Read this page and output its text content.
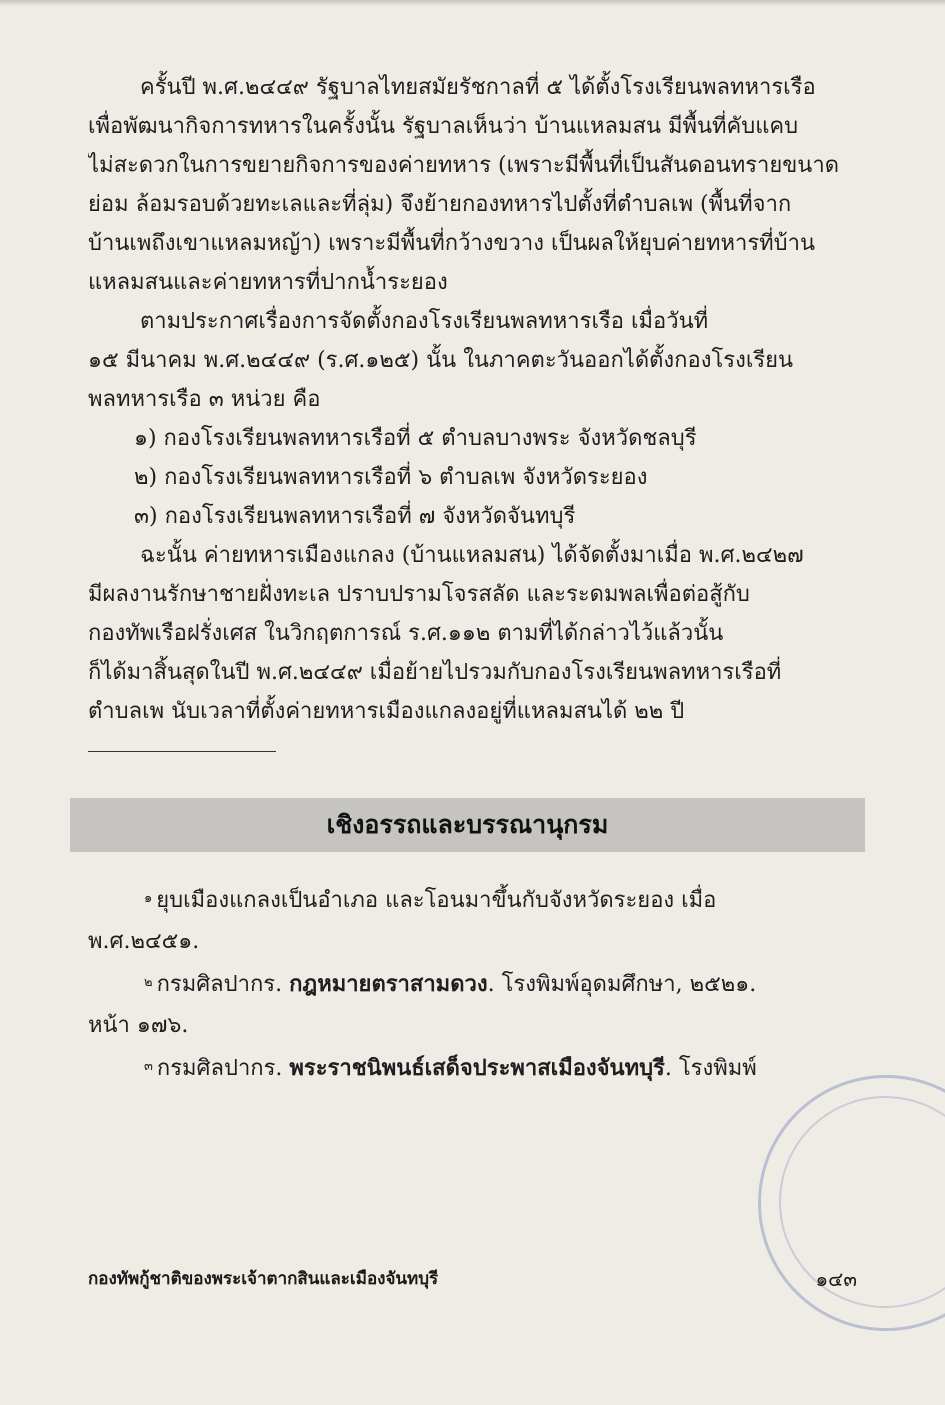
ครั้นปี พ.ศ.๒๔๔๙ รัฐบาลไทยสมัยรัชกาลที่ ๕ ได้ตั้งโรงเรียนพลทหารเรือ
เพื่อพัฒนากิจการทหารในครั้งนั้น รัฐบาลเห็นว่า บ้านแหลมสน มีพื้นที่คับแคบ
ไม่สะดวกในการขยายกิจการของค่ายทหาร (เพราะมีพื้นที่เป็นสันดอนทรายขนาด
ย่อม ล้อมรอบด้วยทะเลและที่ลุ่ม) จึงย้ายกองทหารไปตั้งที่ตำบลเพ (พื้นที่จาก
บ้านเพถึงเขาแหลมหญ้า) เพราะมีพื้นที่กว้างขวาง เป็นผลให้ยุบค่ายทหารที่บ้าน
แหลมสนและค่ายทหารที่ปากน้ำระยอง

ตามประกาศเรื่องการจัดตั้งกองโรงเรียนพลทหารเรือ เมื่อวันที่
๑๕ มีนาคม พ.ศ.๒๔๔๙ (ร.ศ.๑๒๕) นั้น ในภาคตะวันออกได้ตั้งกองโรงเรียน
พลทหารเรือ ๓ หน่วย คือ

๑) กองโรงเรียนพลทหารเรือที่ ๕ ตำบลบางพระ จังหวัดชลบุรี
๒) กองโรงเรียนพลทหารเรือที่ ๖ ตำบลเพ จังหวัดระยอง
๓) กองโรงเรียนพลทหารเรือที่ ๗ จังหวัดจันทบุรี

ฉะนั้น ค่ายทหารเมืองแกลง (บ้านแหลมสน) ได้จัดตั้งมาเมื่อ พ.ศ.๒๔๒๗
มีผลงานรักษาชายฝั่งทะเล ปราบปรามโจรสลัด และระดมพลเพื่อต่อสู้กับ
กองทัพเรือฝรั่งเศส ในวิกฤตการณ์ ร.ศ.๑๑๒ ตามที่ได้กล่าวไว้แล้วนั้น
ก็ได้มาสิ้นสุดในปี พ.ศ.๒๔๔๙ เมื่อย้ายไปรวมกับกองโรงเรียนพลทหารเรือที่
ตำบลเพ นับเวลาที่ตั้งค่ายทหารเมืองแกลงอยู่ที่แหลมสนได้ ๒๒ ปี

เชิงอรรถและบรรณานุกรม
$^๑$ ยุบเมืองแกลงเป็นอำเภอ และโอนมาขึ้นกับจังหวัดระยอง เมื่อ
พ.ศ.๒๔๕๑.
$^๒$ กรมศิลปากร. กฎหมายตราสามดวง. โรงพิมพ์อุดมศึกษา, ๒๕๒๑.
หน้า ๑๗๖.
$^๓$ กรมศิลปากร. พระราชนิพนธ์เสด็จประพาสเมืองจันทบุรี. โรงพิมพ์
กองทัพกู้ชาติของพระเจ้าตากสินและเมืองจันทบุรี	๑๔๓
